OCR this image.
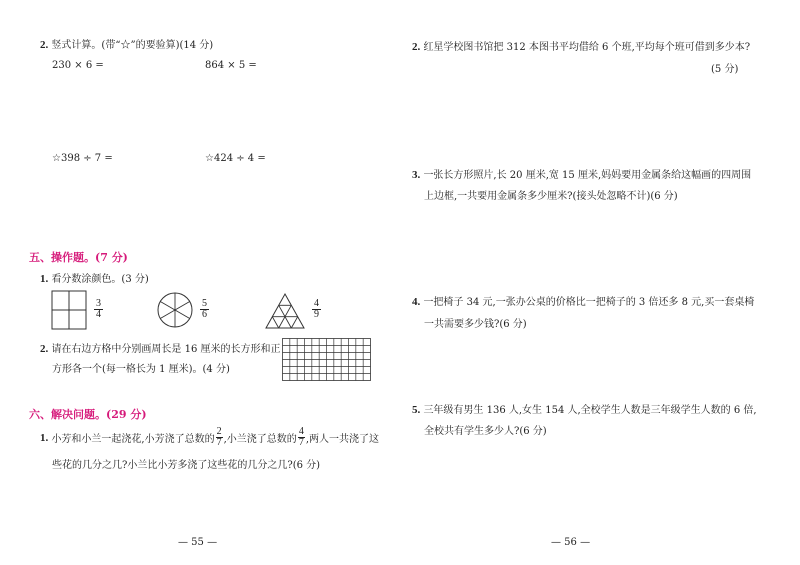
2. 竖式计算。(带“☆”的要验算)(14 分)
230 × 6 =	864 × 5 =
☆398 ÷ 7 =	☆424 ÷ 4 =
五、操作题。(7 分)
1. 看分数涂颜色。(3 分)
$\frac{3}{4}$	$\frac{5}{6}$	$\frac{4}{9}$
2. 请在右边方格中分别画周长是 16 厘米的长方形和正
方形各一个(每一格长为 1 厘米)。(4 分)
六、解决问题。(29 分)
1.
小芳和小兰一起浇花,小芳浇了总数的 $\frac{2}{7}$ ,小兰浇了总数的 $\frac{4}{7}$ ,两人一共浇了这
些花的几分之几?小兰比小芳多浇了这些花的几分之几?(6 分)
— 55 —
2. 红星学校图书馆把 312 本图书平均借给 6 个班,平均每个班可借到多少本?
(5 分)
3. 一张长方形照片,长 20 厘米,宽 15 厘米,妈妈要用金属条给这幅画的四周围
上边框,一共要用金属条多少厘米?(接头处忽略不计)(6 分)
4. 一把椅子 34 元,一张办公桌的价格比一把椅子的 3 倍还多 8 元,买一套桌椅
一共需要多少钱?(6 分)
5. 三年级有男生 136 人,女生 154 人,全校学生人数是三年级学生人数的 6 倍,
全校共有学生多少人?(6 分)
— 56 —
